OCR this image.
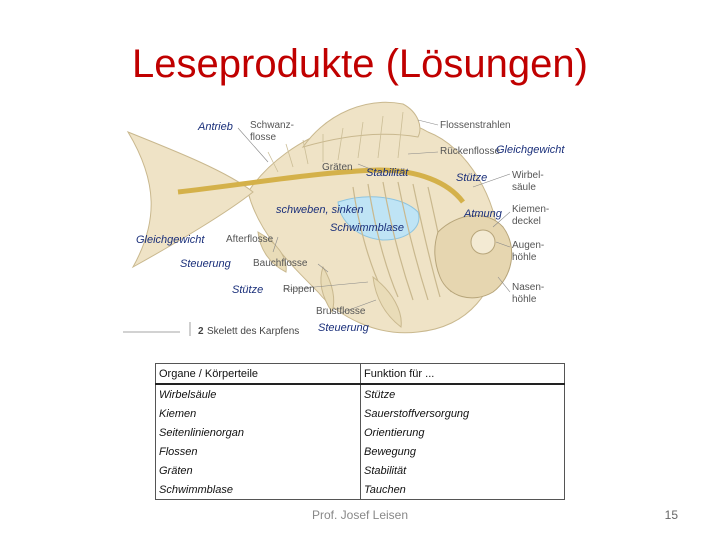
Leseprodukte (Lösungen)
Antrieb Schwanz-
flosse
Flossenstrahlen
Rückenflosse
Gleichgewicht
Gräten Stabilität	Stütze Wirbel-
säule
schweben, sinken	Atmung Kiemen-
deckel
Schwimmblase
Gleichgewicht Afterflosse
Augen-
höhle
Steuerung Bauchflosse
Stütze Rippen	Nasen-
höhle
Brustflosse
2 Skelett des Karpfens Steuerung
Organe / Körperteile	Funktion für ...
Wirbelsäule	Stütze
Kiemen	Sauerstoffversorgung
Seitenlinienorgan	Orientierung
Flossen	Bewegung
Gräten	Stabilität
Schwimmblase	Tauchen
Prof. Josef Leisen	15
